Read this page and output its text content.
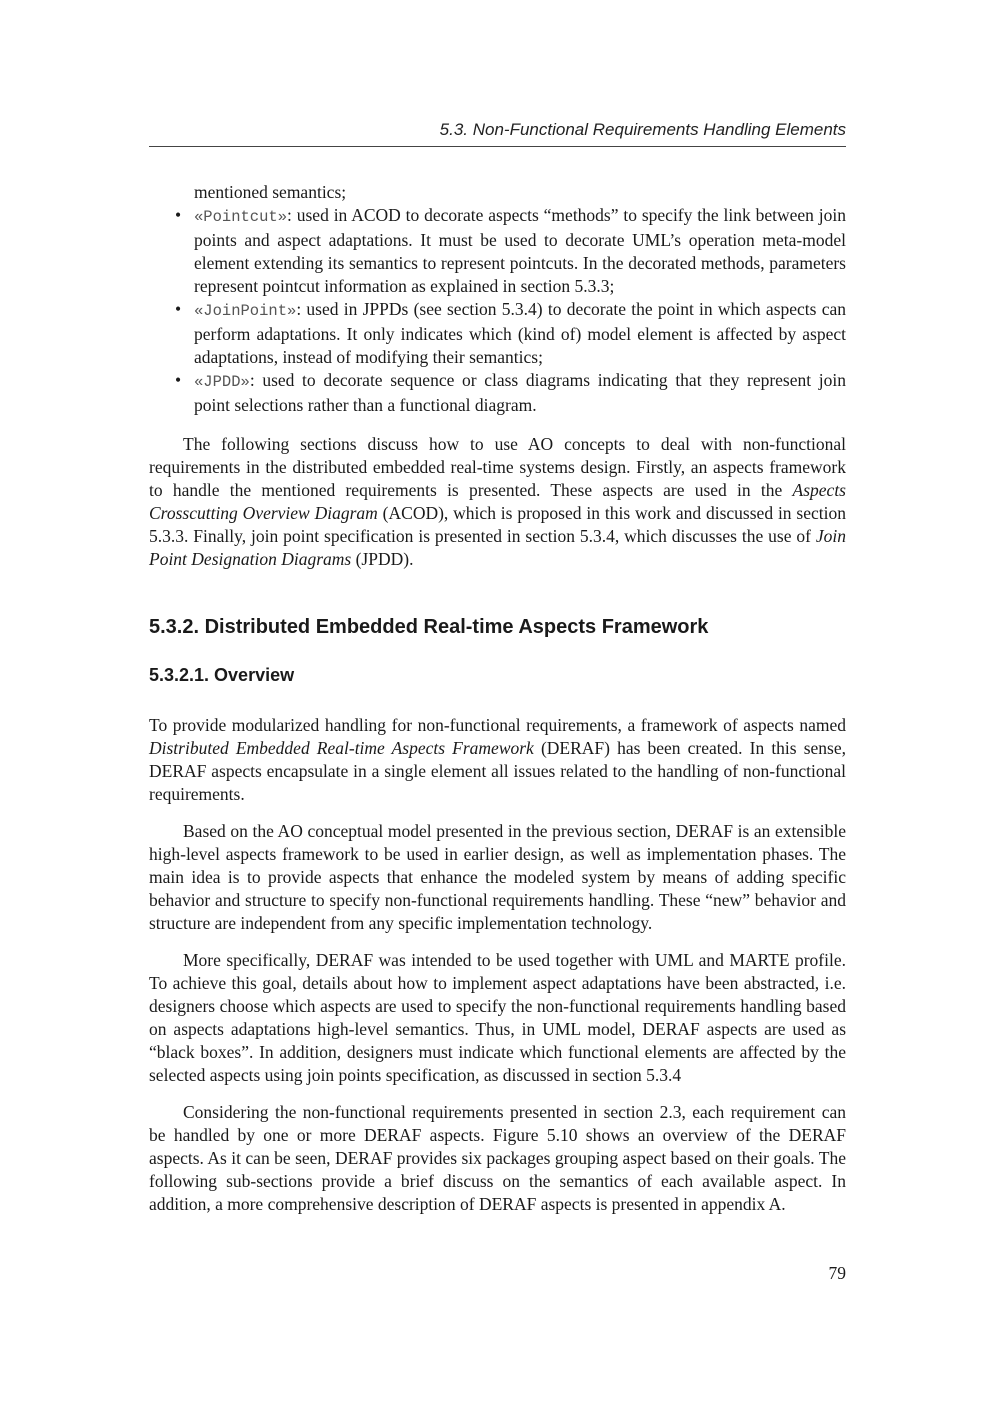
5.3. Non-Functional Requirements Handling Elements

mentioned semantics;

• «Pointcut»: used in ACOD to decorate aspects “methods” to specify the link between join points and aspect adaptations. It must be used to decorate UML’s operation meta-model element extending its semantics to represent pointcuts. In the decorated methods, parameters represent pointcut information as explained in section 5.3.3;
• «JoinPoint»: used in JPPDs (see section 5.3.4) to decorate the point in which aspects can perform adaptations. It only indicates which (kind of) model element is affected by aspect adaptations, instead of modifying their semantics;
• «JPDD»: used to decorate sequence or class diagrams indicating that they represent join point selections rather than a functional diagram.

The following sections discuss how to use AO concepts to deal with non-functional requirements in the distributed embedded real-time systems design. Firstly, an aspects framework to handle the mentioned requirements is presented. These aspects are used in the Aspects Crosscutting Overview Diagram (ACOD), which is proposed in this work and discussed in section 5.3.3. Finally, join point specification is presented in section 5.3.4, which discusses the use of Join Point Designation Diagrams (JPDD).

5.3.2. Distributed Embedded Real-time Aspects Framework
5.3.2.1. Overview

To provide modularized handling for non-functional requirements, a framework of aspects named Distributed Embedded Real-time Aspects Framework (DERAF) has been created. In this sense, DERAF aspects encapsulate in a single element all issues related to the handling of non-functional requirements.

Based on the AO conceptual model presented in the previous section, DERAF is an extensible high-level aspects framework to be used in earlier design, as well as implementation phases. The main idea is to provide aspects that enhance the modeled system by means of adding specific behavior and structure to specify non-functional requirements handling. These “new” behavior and structure are independent from any specific implementation technology.

More specifically, DERAF was intended to be used together with UML and MARTE profile. To achieve this goal, details about how to implement aspect adaptations have been abstracted, i.e. designers choose which aspects are used to specify the non-functional requirements handling based on aspects adaptations high-level semantics. Thus, in UML model, DERAF aspects are used as “black boxes”. In addition, designers must indicate which functional elements are affected by the selected aspects using join points specification, as discussed in section 5.3.4

Considering the non-functional requirements presented in section 2.3, each requirement can be handled by one or more DERAF aspects. Figure 5.10 shows an overview of the DERAF aspects. As it can be seen, DERAF provides six packages grouping aspect based on their goals. The following sub-sections provide a brief discuss on the semantics of each available aspect. In addition, a more comprehensive description of DERAF aspects is presented in appendix A.

79
